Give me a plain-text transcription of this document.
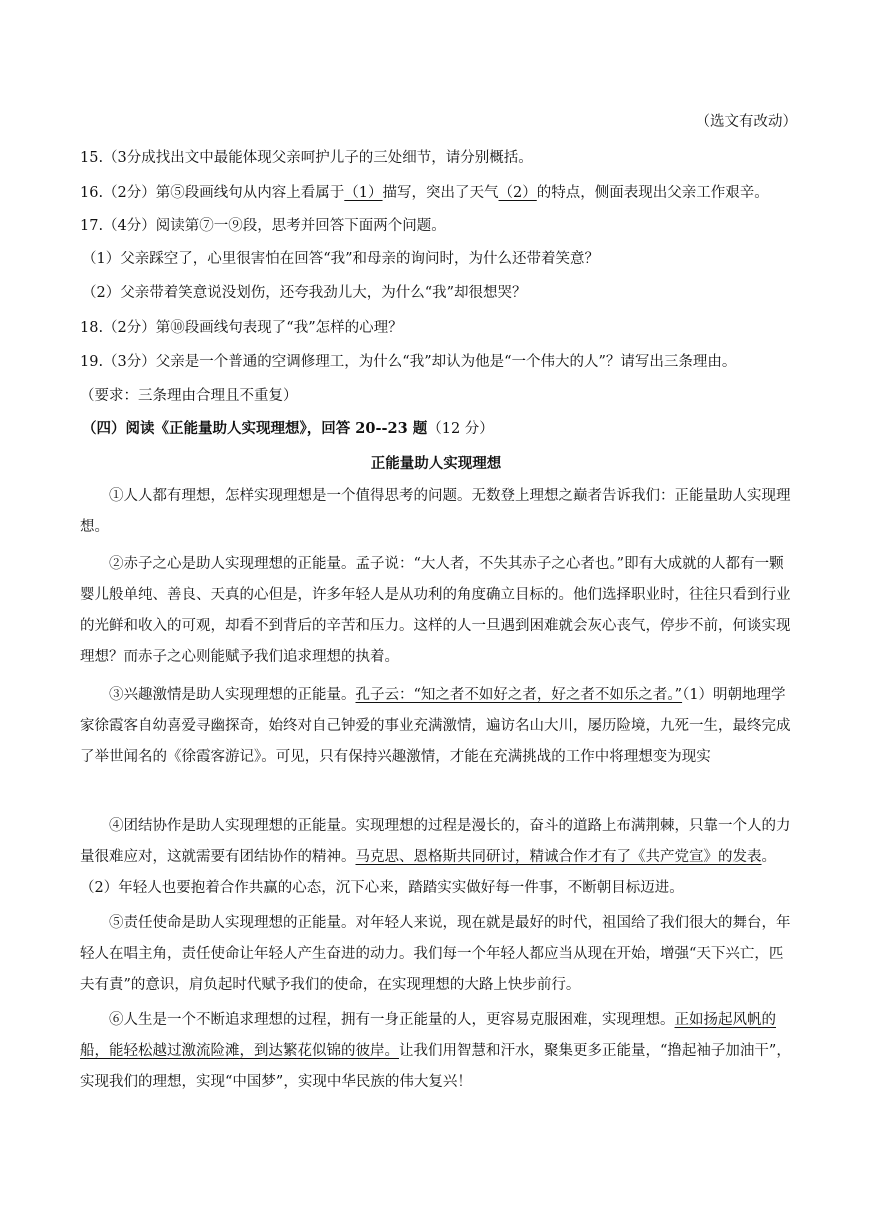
（选文有改动）
15.（3分成找出文中最能体现父亲呵护儿子的三处细节，请分别概括。
16.（2分）第⑤段画线句从内容上看属于（1）描写，突出了天气（2）的特点，侧面表现出父亲工作艰辛。
17.（4分）阅读第⑦一⑨段，思考并回答下面两个问题。
（1）父亲踩空了，心里很害怕在回答“我”和母亲的询问时，为什么还带着笑意？
（2）父亲带着笑意说没划伤，还夸我劲儿大，为什么“我”却很想哭？
18.（2分）第⑩段画线句表现了“我”怎样的心理？
19.（3分）父亲是一个普通的空调修理工，为什么“我”却认为他是“一个伟大的人”？请写出三条理由。
（要求：三条理由合理且不重复）
（四）阅读《正能量助人实现理想》，回答 20--23 题（12 分）
正能量助人实现理想
①人人都有理想，怎样实现理想是一个值得思考的问题。无数登上理想之巅者告诉我们：正能量助人实现理想。
②赤子之心是助人实现理想的正能量。孟子说：“大人者，不失其赤子之心者也。”即有大成就的人都有一颗婴儿般单纯、善良、天真的心但是，许多年轻人是从功利的角度确立目标的。他们选择职业时，往往只看到行业的光鲜和收入的可观，却看不到背后的辛苦和压力。这样的人一旦遇到困难就会灰心丧气，停步不前，何谈实现理想？而赤子之心则能赋予我们追求理想的执着。
③兴趣激情是助人实现理想的正能量。孔子云：“知之者不如好之者，好之者不如乐之者。”（1）明朝地理学家徐霞客自幼喜爱寻幽探奇，始终对自己钟爱的事业充满激情，遍访名山大川，屡历险境，九死一生，最终完成了举世闻名的《徐霞客游记》。可见，只有保持兴趣激情，才能在充满挑战的工作中将理想变为现实
④团结协作是助人实现理想的正能量。实现理想的过程是漫长的，奋斗的道路上布满荆棘，只靠一个人的力量很难应对，这就需要有团结协作的精神。马克思、恩格斯共同研讨，精诚合作才有了《共产党宣》的发表。（2）年轻人也要抱着合作共赢的心态，沉下心来，踏踏实实做好每一件事，不断朝目标迈进。
⑤责任使命是助人实现理想的正能量。对年轻人来说，现在就是最好的时代，祖国给了我们很大的舞台，年轻人在唱主角，责任使命让年轻人产生奋进的动力。我们每一个年轻人都应当从现在开始，增强“天下兴亡，匹夫有責”的意识，肩负起时代赋予我们的使命，在实现理想的大路上快步前行。
⑥人生是一个不断追求理想的过程，拥有一身正能量的人，更容易克服困难，实现理想。正如扬起风帆的船，能轻松越过激流险滩，到达繁花似锦的彼岸。让我们用智慧和汗水，聚集更多正能量，“撸起袖子加油干”，实现我们的理想，实现“中国梦”，实现中华民族的伟大复兴！
